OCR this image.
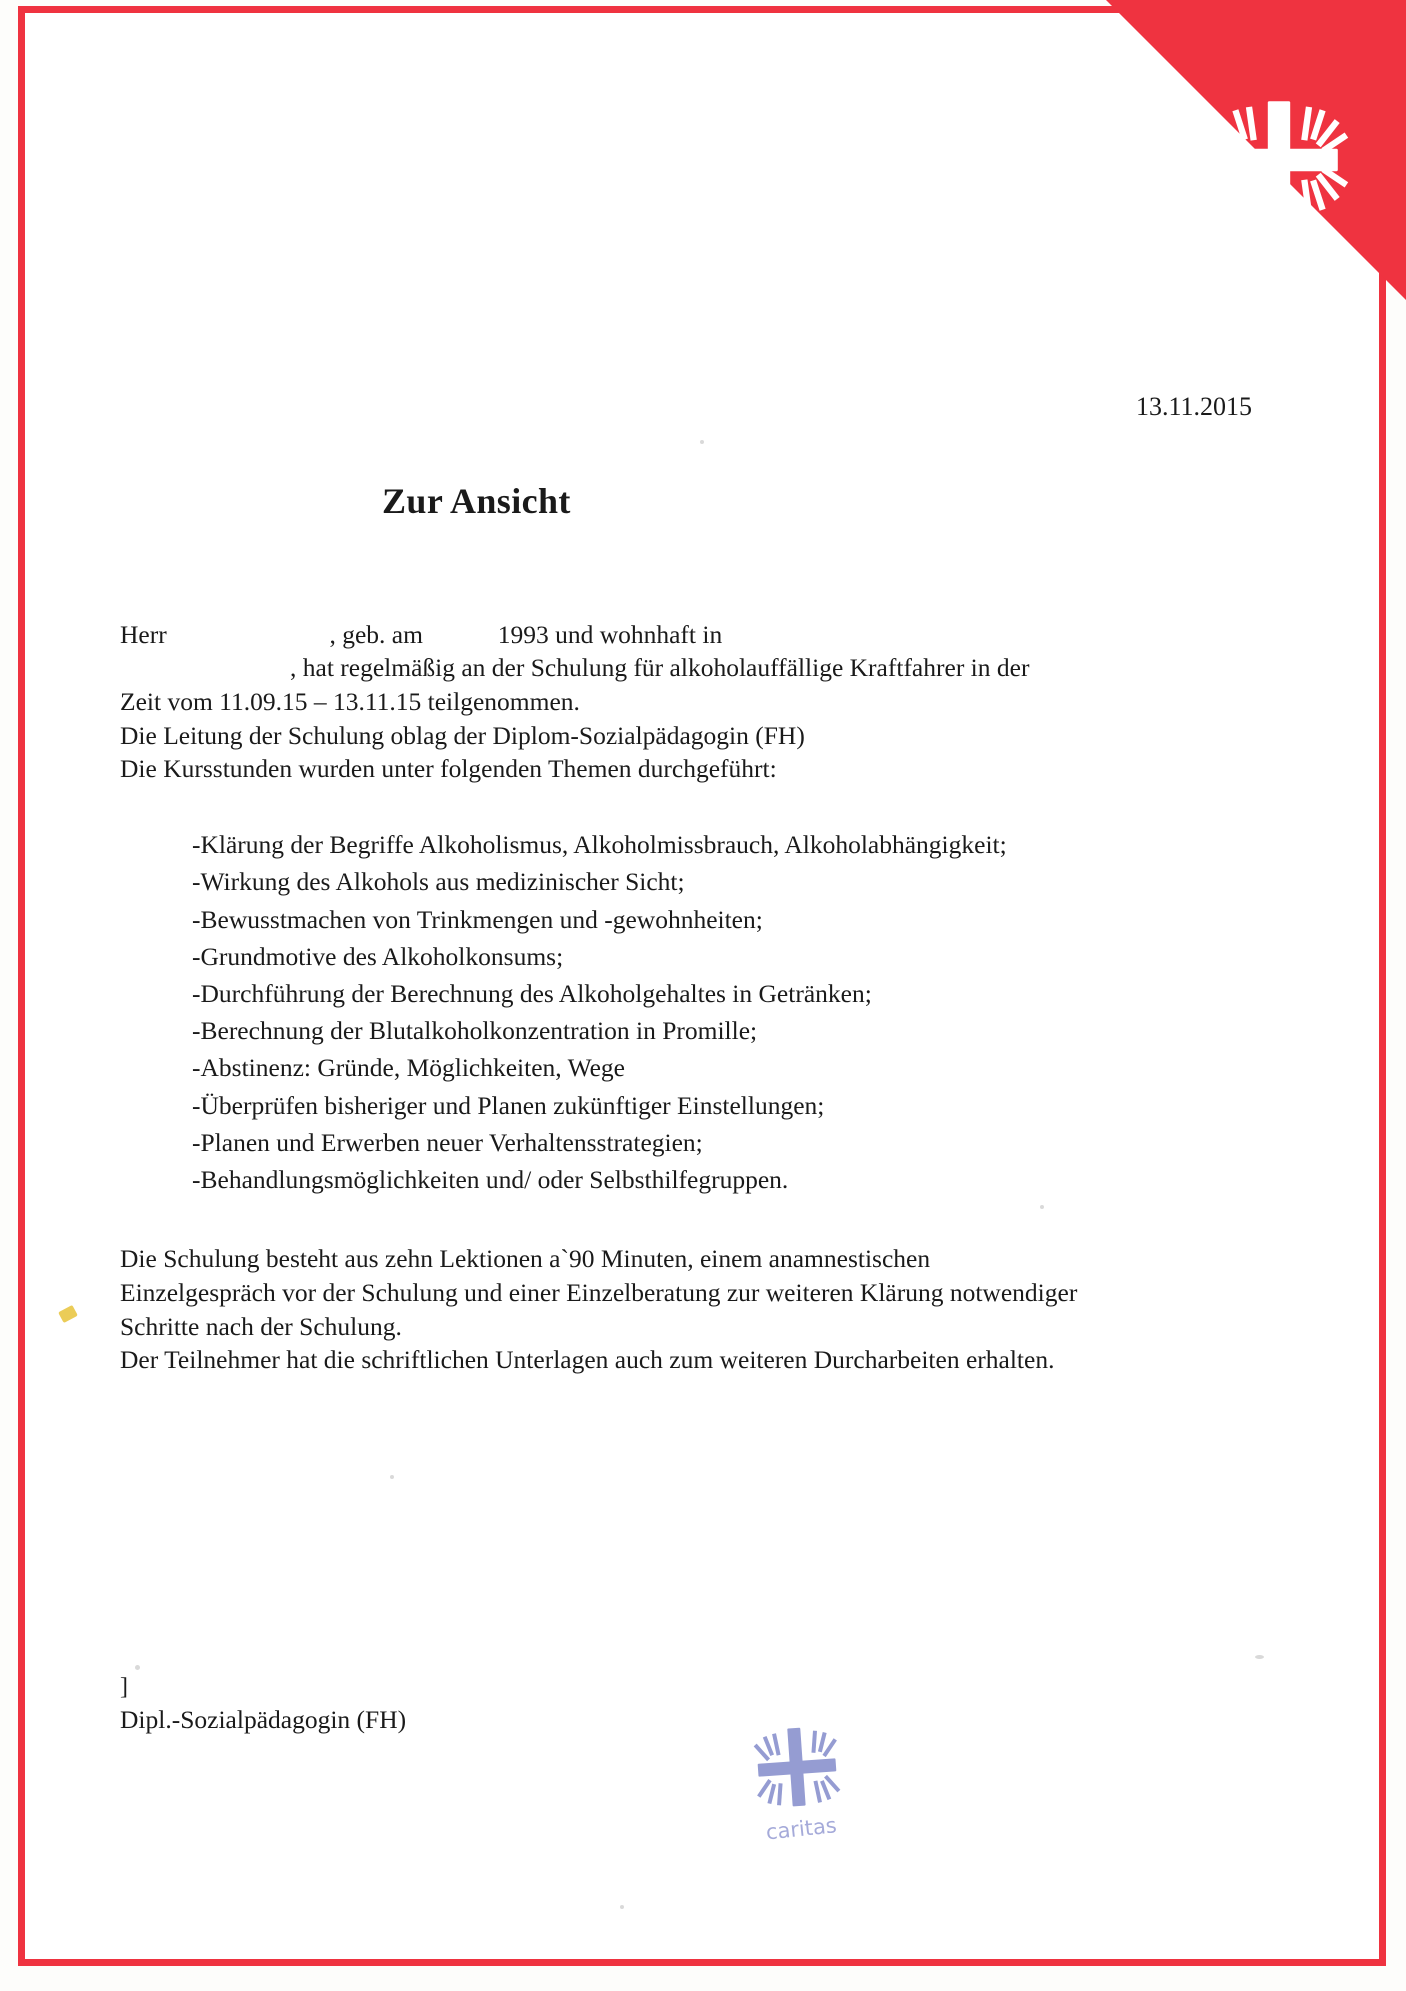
caritas
13.11.2015
Zur Ansicht

Herr	, geb. am	1993 und wohnhaft in

, hat regelmäßig an der Schulung für alkoholauffällige Kraftfahrer in der

Zeit vom 11.09.15 – 13.11.15 teilgenommen.

Die Leitung der Schulung oblag der Diplom-Sozialpädagogin (FH)

Die Kursstunden wurden unter folgenden Themen durchgeführt:

-Klärung der Begriffe Alkoholismus, Alkoholmissbrauch, Alkoholabhängigkeit;
-Wirkung des Alkohols aus medizinischer Sicht;
-Bewusstmachen von Trinkmengen und -gewohnheiten;
-Grundmotive des Alkoholkonsums;
-Durchführung der Berechnung des Alkoholgehaltes in Getränken;
-Berechnung der Blutalkoholkonzentration in Promille;
-Abstinenz: Gründe, Möglichkeiten, Wege
-Überprüfen bisheriger und Planen zukünftiger Einstellungen;
-Planen und Erwerben neuer Verhaltensstrategien;
-Behandlungsmöglichkeiten und/ oder Selbsthilfegruppen.

Die Schulung besteht aus zehn Lektionen a`90 Minuten, einem anamnestischen

Einzelgespräch vor der Schulung und einer Einzelberatung zur weiteren Klärung notwendiger

Schritte nach der Schulung.

Der Teilnehmer hat die schriftlichen Unterlagen auch zum weiteren Durcharbeiten erhalten.

]
Dipl.-Sozialpädagogin (FH)
caritas
